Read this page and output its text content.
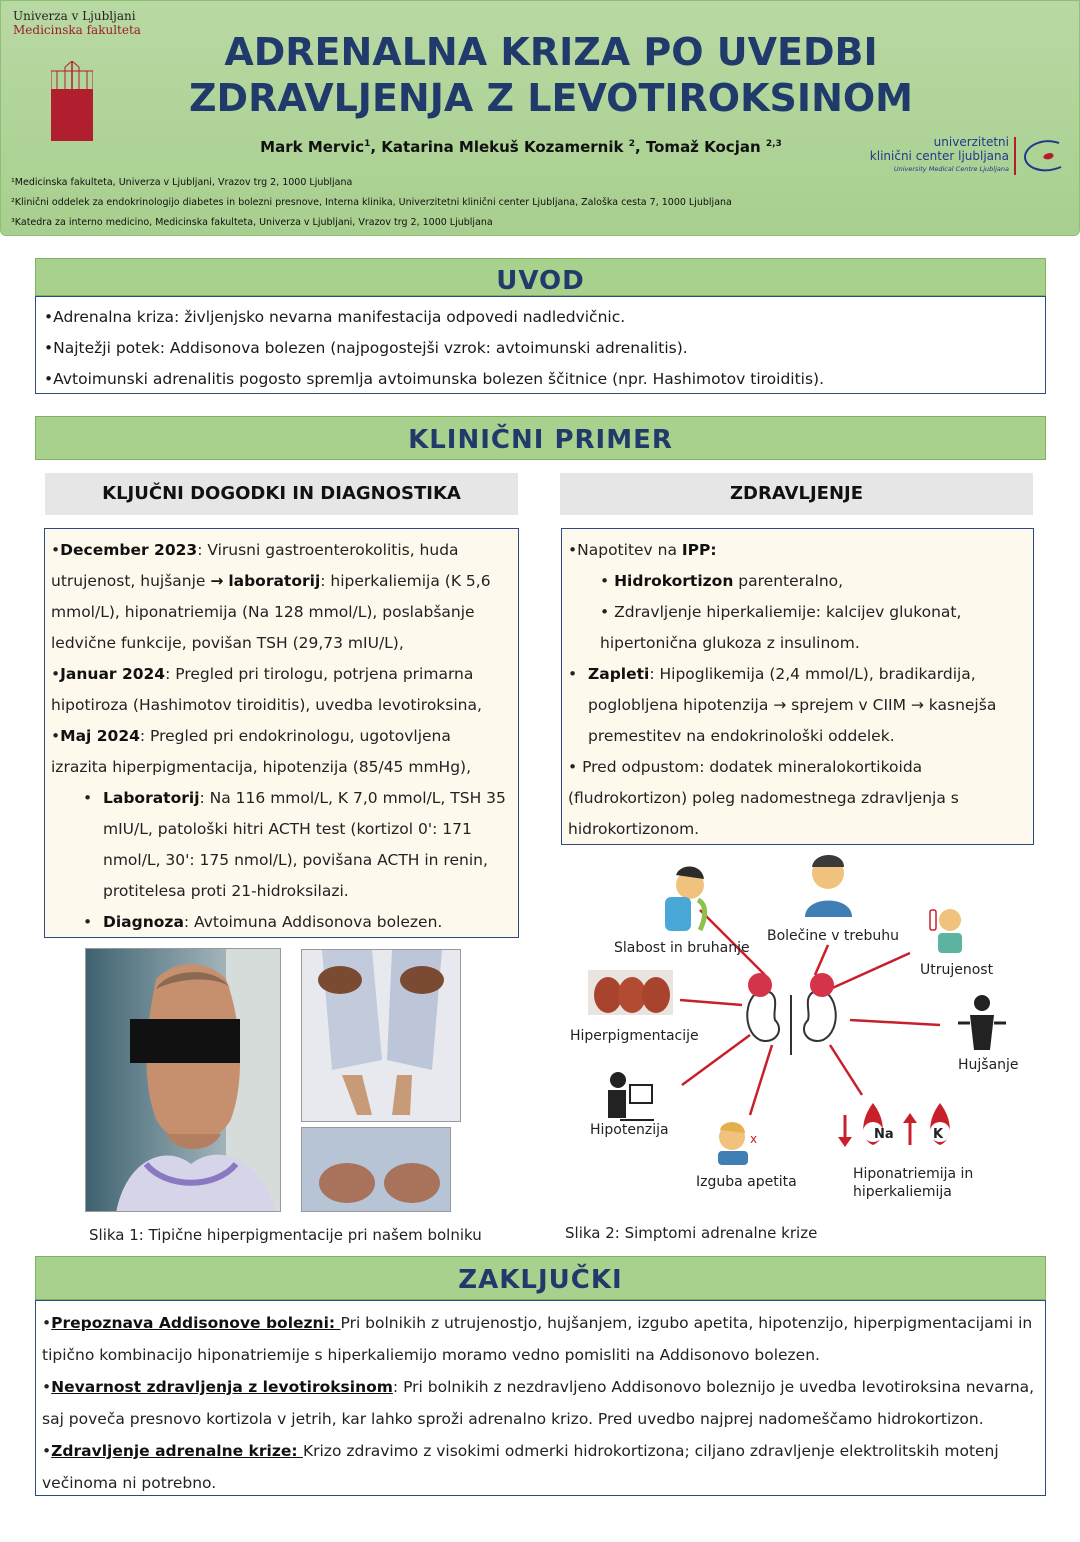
Univerza v Ljubljani
Medicinska fakulteta	ADRENALNA KRIZA PO UVEDBI
ZDRAVLJENJA Z LEVOTIROKSINOM
Mark Mervic$^1$, Katarina Mlekuš Kozamernik $^2$, Tomaž Kocjan $^{2,3}$
¹Medicinska fakulteta, Univerza v Ljubljani, Vrazov trg 2, 1000 Ljubljana
²Klinični oddelek za endokrinologijo diabetes in bolezni presnove, Interna klinika, Univerzitetni klinični center Ljubljana, Zaloška cesta 7, 1000 Ljubljana
³Katedra za interno medicino, Medicinska fakulteta, Univerza v Ljubljani, Vrazov trg 2, 1000 Ljubljana
univerzitetni
klinični center ljubljana
University Medical Centre Ljubljana
UVOD
•Adrenalna kriza: življenjsko nevarna manifestacija odpovedi nadledvičnic.
•Najtežji potek: Addisonova bolezen (najpogostejši vzrok: avtoimunski adrenalitis).
•Avtoimunski adrenalitis pogosto spremlja avtoimunska bolezen ščitnice (npr. Hashimotov tiroiditis).
KLINIČNI PRIMER
KLJUČNI DOGODKI IN DIAGNOSTIKA	ZDRAVLJENJE
•December 2023: Virusni gastroenterokolitis, huda utrujenost, hujšanje → laboratorij: hiperkaliemija (K 5,6 mmol/L), hiponatriemija (Na 128 mmol/L), poslabšanje ledvične funkcije, povišan TSH (29,73 mIU/L),
•Januar 2024: Pregled pri tirologu, potrjena primarna hipotiroza (Hashimotov tiroiditis), uvedba levotiroksina,
•Maj 2024: Pregled pri endokrinologu, ugotovljena izrazita hiperpigmentacija, hipotenzija (85/45 mmHg),
• Laboratorij: Na 116 mmol/L, K 7,0 mmol/L, TSH 35 mIU/L, patološki hitri ACTH test (kortizol 0': 171 nmol/L, 30': 175 nmol/L), povišana ACTH in renin, protitelesa proti 21-hidroksilazi.
• Diagnoza: Avtoimuna Addisonova bolezen.
•Napotitev na IPP:
• Hidrokortizon parenteralno,
• Zdravljenje hiperkaliemije: kalcijev glukonat, hipertonična glukoza z insulinom.
• Zapleti: Hipoglikemija (2,4 mmol/L), bradikardija, poglobljena hipotenzija → sprejem v CIIM → kasnejša premestitev na endokrinološki oddelek.
• Pred odpustom: dodatek mineralokortikoida (fludrokortizon) poleg nadomestnega zdravljenja s hidrokortizonom.
Slika 1: Tipične hiperpigmentacije pri našem bolniku
x	Na	K
Slabost in bruhanje
Bolečine v trebuhu
Utrujenost
Hiperpigmentacije
Hujšanje
Hipotenzija
Izguba apetita	Hiponatriemija in
hiperkaliemija
Slika 2: Simptomi adrenalne krize
ZAKLJUČKI
•Prepoznava Addisonove bolezni: Pri bolnikih z utrujenostjo, hujšanjem, izgubo apetita, hipotenzijo, hiperpigmentacijami in tipično kombinacijo hiponatriemije s hiperkaliemijo moramo vedno pomisliti na Addisonovo bolezen.
•Nevarnost zdravljenja z levotiroksinom: Pri bolnikih z nezdravljeno Addisonovo boleznijo je uvedba levotiroksina nevarna, saj poveča presnovo kortizola v jetrih, kar lahko sproži adrenalno krizo. Pred uvedbo najprej nadomeščamo hidrokortizon.
•Zdravljenje adrenalne krize: Krizo zdravimo z visokimi odmerki hidrokortizona; ciljano zdravljenje elektrolitskih motenj večinoma ni potrebno.
